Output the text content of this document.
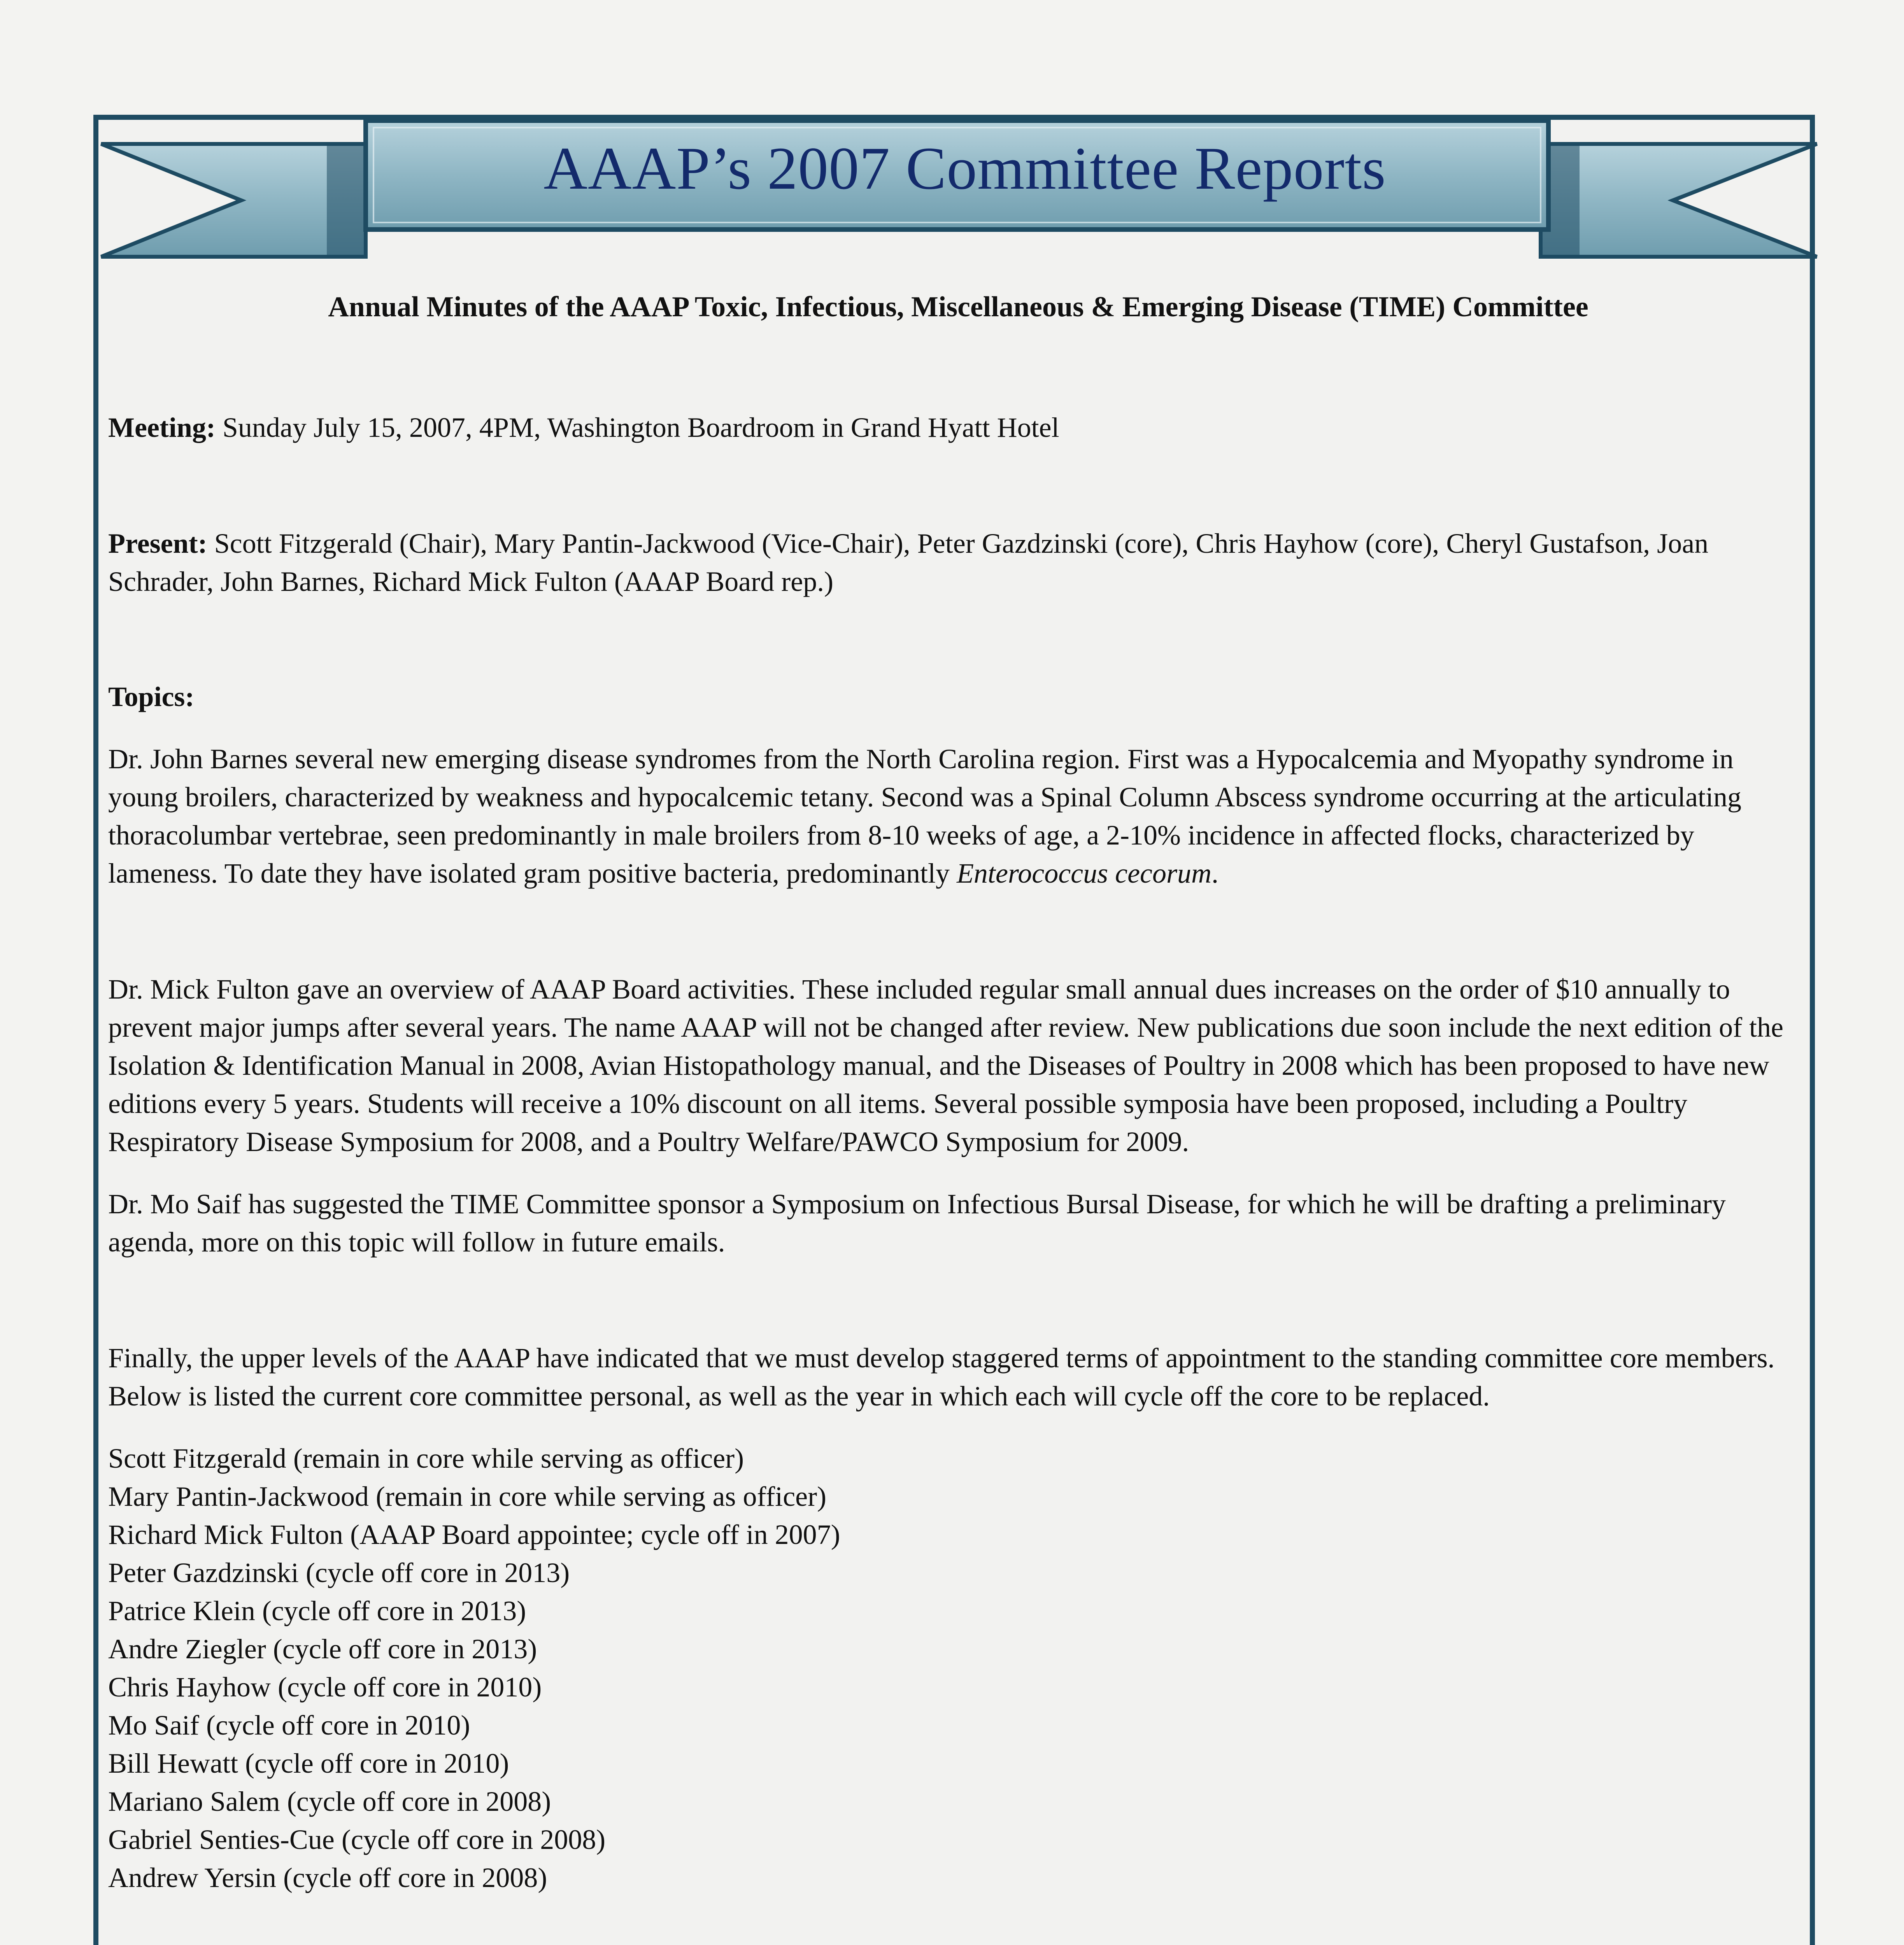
AAAP’s 2007 Committee Reports

Annual Minutes of the AAAP Toxic, Infectious, Miscellaneous & Emerging Disease (TIME) Committee

Meeting: Sunday July 15, 2007, 4PM, Washington Boardroom in Grand Hyatt Hotel

Present: Scott Fitzgerald (Chair), Mary Pantin-Jackwood (Vice-Chair), Peter Gazdzinski (core), Chris Hayhow (core), Cheryl Gustafson, Joan Schrader, John Barnes, Richard Mick Fulton (AAAP Board rep.)

Topics:

Dr. John Barnes several new emerging disease syndromes from the North Carolina region. First was a Hypocalcemia and Myopathy syndrome in young broilers, characterized by weakness and hypocalcemic tetany. Second was a Spinal Column Abscess syndrome occurring at the articulating thoracolumbar vertebrae, seen predominantly in male broilers from 8-10 weeks of age, a 2-10% incidence in affected flocks, characterized by lameness. To date they have isolated gram positive bacteria, predominantly Enterococcus cecorum.

Dr. Mick Fulton gave an overview of AAAP Board activities. These included regular small annual dues increases on the order of $10 annually to prevent major jumps after several years. The name AAAP will not be changed after review. New publications due soon include the next edition of the Isolation & Identification Manual in 2008, Avian Histopathology manual, and the Diseases of Poultry in 2008 which has been proposed to have new editions every 5 years. Students will receive a 10% discount on all items. Several possible symposia have been proposed, including a Poultry Respiratory Disease Symposium for 2008, and a Poultry Welfare/PAWCO Symposium for 2009.

Dr. Mo Saif has suggested the TIME Committee sponsor a Symposium on Infectious Bursal Disease, for which he will be drafting a preliminary agenda, more on this topic will follow in future emails.

Finally, the upper levels of the AAAP have indicated that we must develop staggered terms of appointment to the standing committee core members. Below is listed the current core committee personal, as well as the year in which each will cycle off the core to be replaced.

Scott Fitzgerald (remain in core while serving as officer)
Mary Pantin-Jackwood (remain in core while serving as officer)
Richard Mick Fulton (AAAP Board appointee; cycle off in 2007)
Peter Gazdzinski (cycle off core in 2013)
Patrice Klein (cycle off core in 2013)
Andre Ziegler (cycle off core in 2013)
Chris Hayhow (cycle off core in 2010)
Mo Saif (cycle off core in 2010)
Bill Hewatt (cycle off core in 2010)
Mariano Salem (cycle off core in 2008)
Gabriel Senties-Cue (cycle off core in 2008)
Andrew Yersin (cycle off core in 2008)
